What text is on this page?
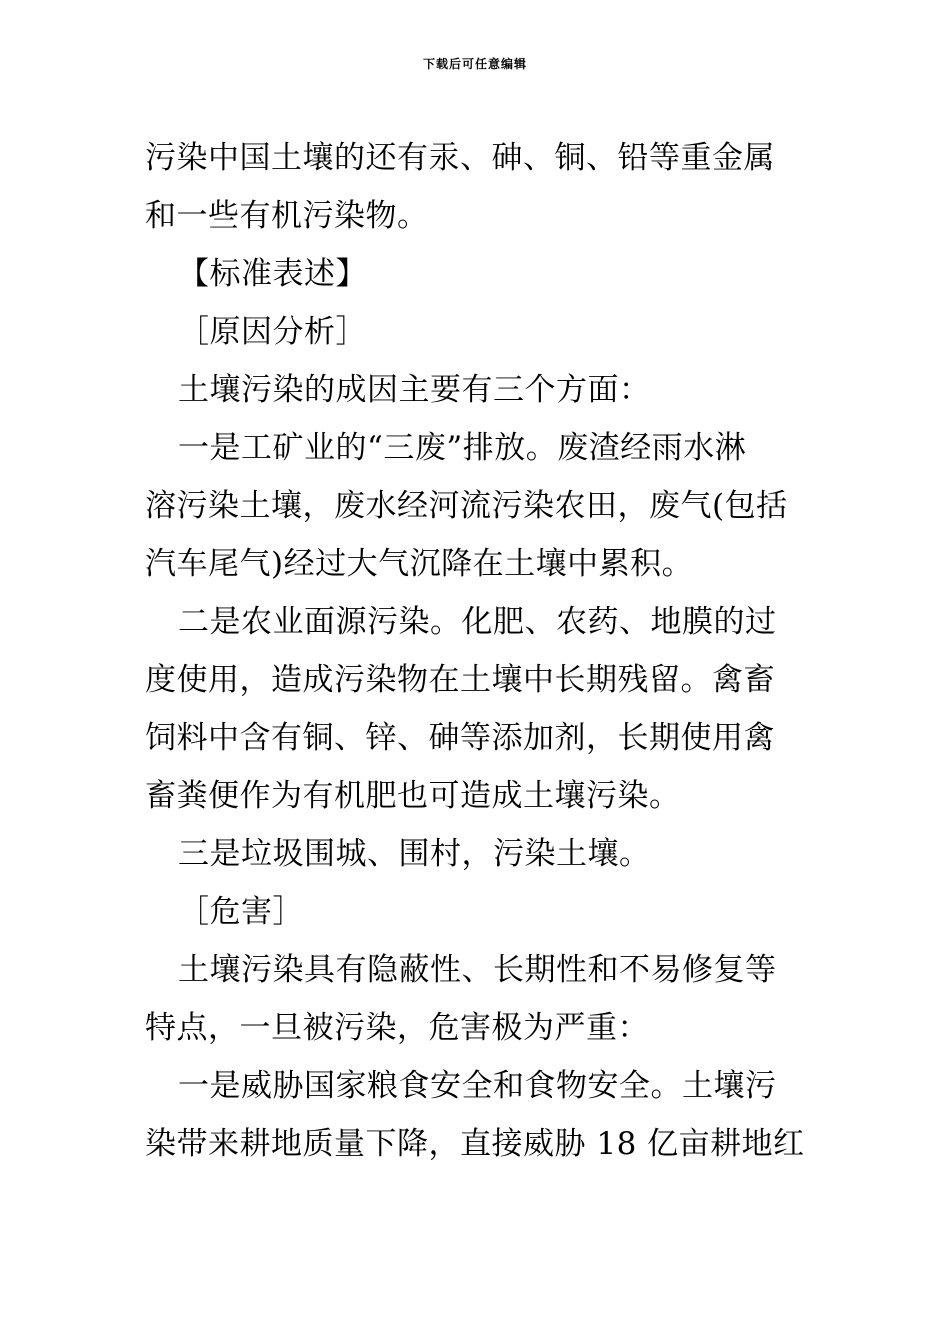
下载后可任意编辑
污染中国土壤的还有汞、砷、铜、铅等重金属
和一些有机污染物。
【标准表述】
［原因分析］
土壤污染的成因主要有三个方面：
一是工矿业的“三废”排放。废渣经雨水淋
溶污染土壤，废水经河流污染农田，废气(包括
汽车尾气)经过大气沉降在土壤中累积。
二是农业面源污染。化肥、农药、地膜的过
度使用，造成污染物在土壤中长期残留。禽畜
饲料中含有铜、锌、砷等添加剂，长期使用禽
畜粪便作为有机肥也可造成土壤污染。
三是垃圾围城、围村，污染土壤。
［危害］
土壤污染具有隐蔽性、长期性和不易修复等
特点，一旦被污染，危害极为严重：
一是威胁国家粮食安全和食物安全。土壤污
染带来耕地质量下降，直接威胁 18 亿亩耕地红
